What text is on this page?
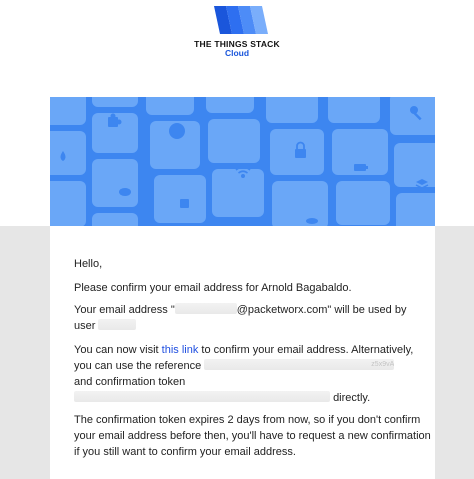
THE THINGS STACK
Cloud

Hello,

Please confirm your email address for Arnold Bagabaldo.

Your email address "	@packetworx.com" will be used by
user

You can now visit this link to confirm your email address. Alternatively,
you can use the reference	z5x9vA
and confirmation token
directly.

The confirmation token expires 2 days from now, so if you don't confirm
your email address before then, you'll have to request a new confirmation
if you still want to confirm your email address.
